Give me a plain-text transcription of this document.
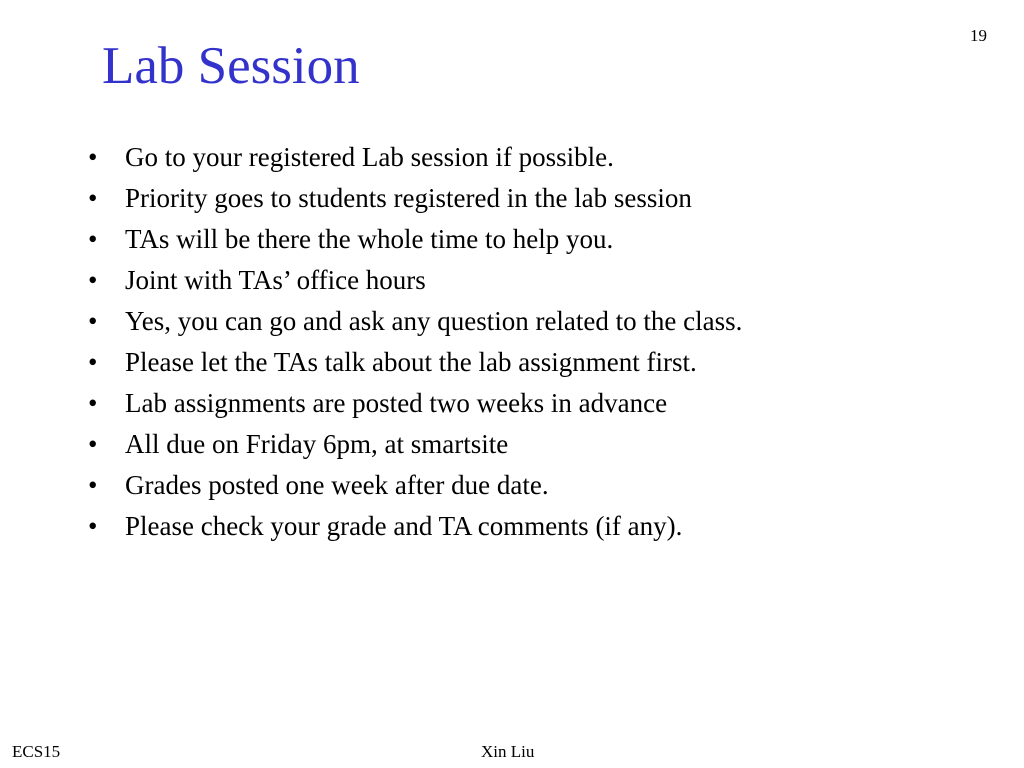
19
Lab Session
•	Go to your registered Lab session if possible.
•	Priority goes to students registered in the lab session
•	TAs will be there the whole time to help you.
•	Joint with TAs’ office hours
•	Yes, you can go and ask any question related to the class.
•	Please let the TAs talk about the lab assignment first.
•	Lab assignments are posted two weeks in advance
•	All due on Friday 6pm, at smartsite
•	Grades posted one week after due date.
•	Please check your grade and TA comments (if any).
ECS15	Xin Liu
